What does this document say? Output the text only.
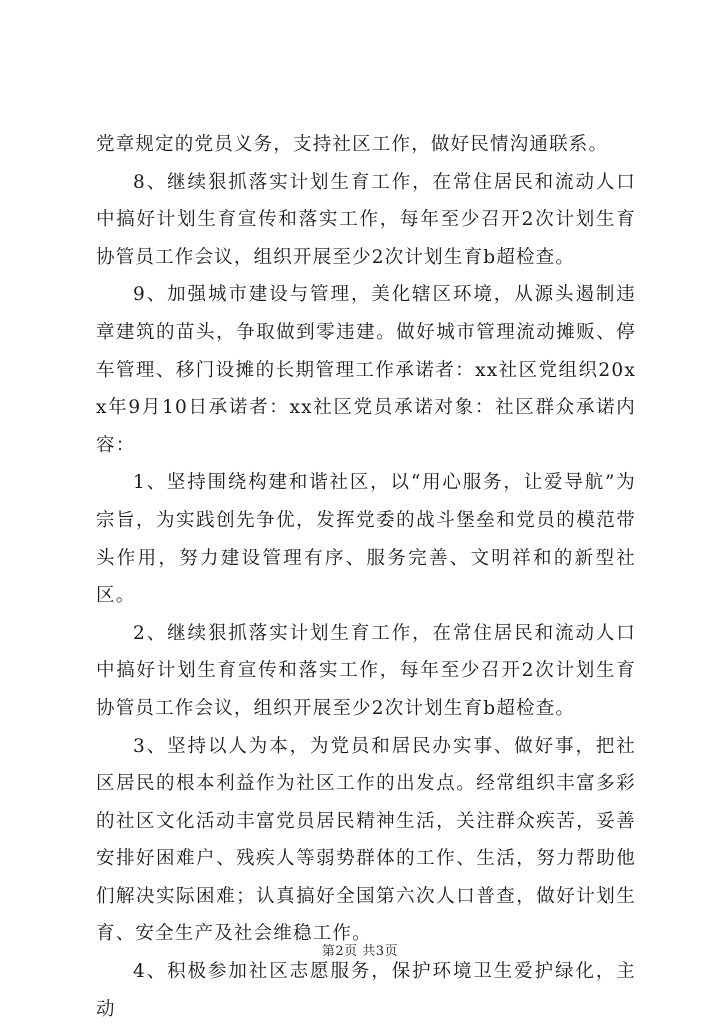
党章规定的党员义务，支持社区工作，做好民情沟通联系。

8、继续狠抓落实计划生育工作，在常住居民和流动人口中搞好计划生育宣传和落实工作，每年至少召开2次计划生育协管员工作会议，组织开展至少2次计划生育b超检查。

9、加强城市建设与管理，美化辖区环境，从源头遏制违章建筑的苗头，争取做到零违建。做好城市管理流动摊贩、停车管理、移门设摊的长期管理工作承诺者：xx社区党组织20xx年9月10日承诺者：xx社区党员承诺对象：社区群众承诺内容：

1、坚持围绕构建和谐社区，以“用心服务，让爱导航”为宗旨，为实践创先争优，发挥党委的战斗堡垒和党员的模范带头作用，努力建设管理有序、服务完善、文明祥和的新型社区。

2、继续狠抓落实计划生育工作，在常住居民和流动人口中搞好计划生育宣传和落实工作，每年至少召开2次计划生育协管员工作会议，组织开展至少2次计划生育b超检查。

3、坚持以人为本，为党员和居民办实事、做好事，把社区居民的根本利益作为社区工作的出发点。经常组织丰富多彩的社区文化活动丰富党员居民精神生活，关注群众疾苦，妥善安排好困难户、残疾人等弱势群体的工作、生活，努力帮助他们解决实际困难；认真搞好全国第六次人口普查，做好计划生育、安全生产及社会维稳工作。

4、积极参加社区志愿服务，保护环境卫生爱护绿化，主动

第2页 共3页
